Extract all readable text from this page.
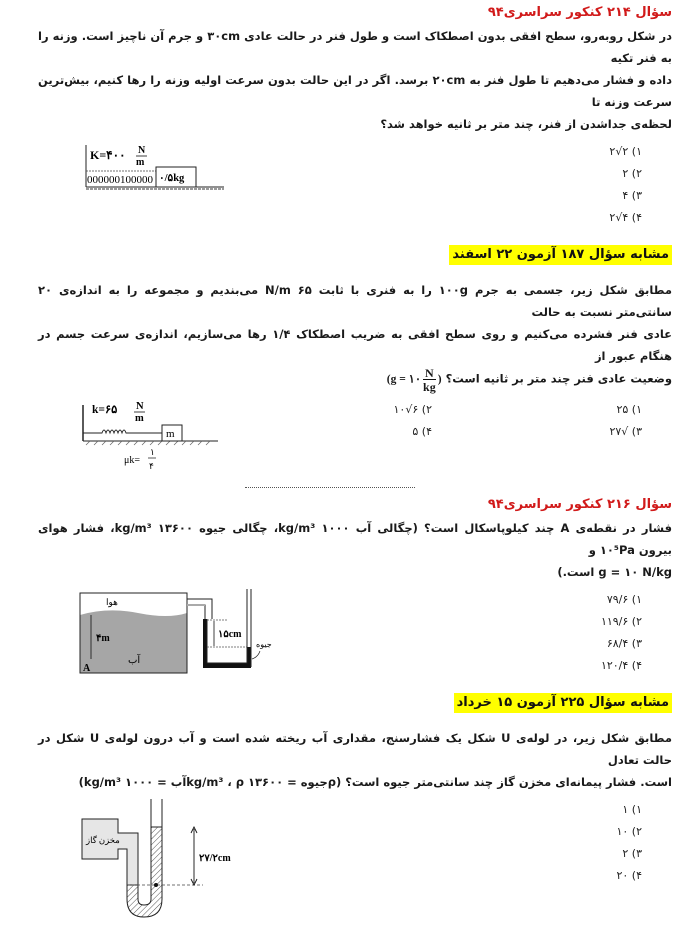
سؤال ۲۱۴ کنکور سراسری۹۴
در شکل روبه‌رو، سطح افقی بدون اصطکاک است و طول فنر در حالت عادی ۳۰cm و جرم آن ناچیز است. وزنه را به فنر تکیه
داده و فشار می‌دهیم تا طول فنر به ۲۰cm برسد. اگر در این حالت بدون سرعت اولیه وزنه را رها کنیم، بیش‌ترین سرعت وزنه تا
لحظه‌ی جداشدن از فنر، چند متر بر ثانیه خواهد شد؟
K=۴۰۰ N
m
000000100000 ۰/۵kg
۱) ۲√۲
۲) ۲
۳) ۴
۴) ۴√۲
مشابه سؤال ۱۸۷ آزمون ۲۲ اسفند
مطابق شکل زیر، جسمی به جرم ۱۰۰g را به فنری با ثابت ۶۵ N/m می‌بندیم و مجموعه را به اندازه‌ی ۲۰ سانتی‌متر نسبت به حالت
عادی فنر فشرده می‌کنیم و روی سطح افقی به ضریب اصطکاک ۱/۴ رها می‌سازیم، اندازه‌ی سرعت جسم در هنگام عبور از
وضعیت عادی فنر چند متر بر ثانیه است؟ (g = ۱۰ $\frac{N}{kg}$ )
k=۶۵ N
m
m
μk=
۱
۴
۱) ۲۵
۲) ۶√۱۰
۳) √۲۷
۴) ۵
سؤال ۲۱۶ کنکور سراسری۹۴
فشار در نقطه‌ی A چند کیلوپاسکال است؟ (چگالی آب ۱۰۰۰ kg/m³، چگالی جیوه ۱۳۶۰۰ kg/m³، فشار هوای بیرون ۱۰⁵Pa و
g = ۱۰ N/kg است.)
هوا
۴m
A
آب
۱۵cm
جیوه
۱) ۷۹/۶
۲) ۱۱۹/۶
۳) ۶۸/۴
۴) ۱۲۰/۴
مشابه سؤال ۲۲۵ آزمون ۱۵ خرداد
مطابق شکل زیر، در لوله‌ی U شکل یک فشارسنج، مقداری آب ریخته شده است و آب درون لوله‌ی U شکل در حالت تعادل
است. فشار پیمانه‌ای مخزن گاز چند سانتی‌متر جیوه است؟ (ρجیوه = ۱۳۶۰۰ kg/m³ ، ρآب = ۱۰۰۰ kg/m³)
مخزن گاز
۲۷/۲cm
۱) ۱
۲) ۱۰
۳) ۲
۴) ۲۰
